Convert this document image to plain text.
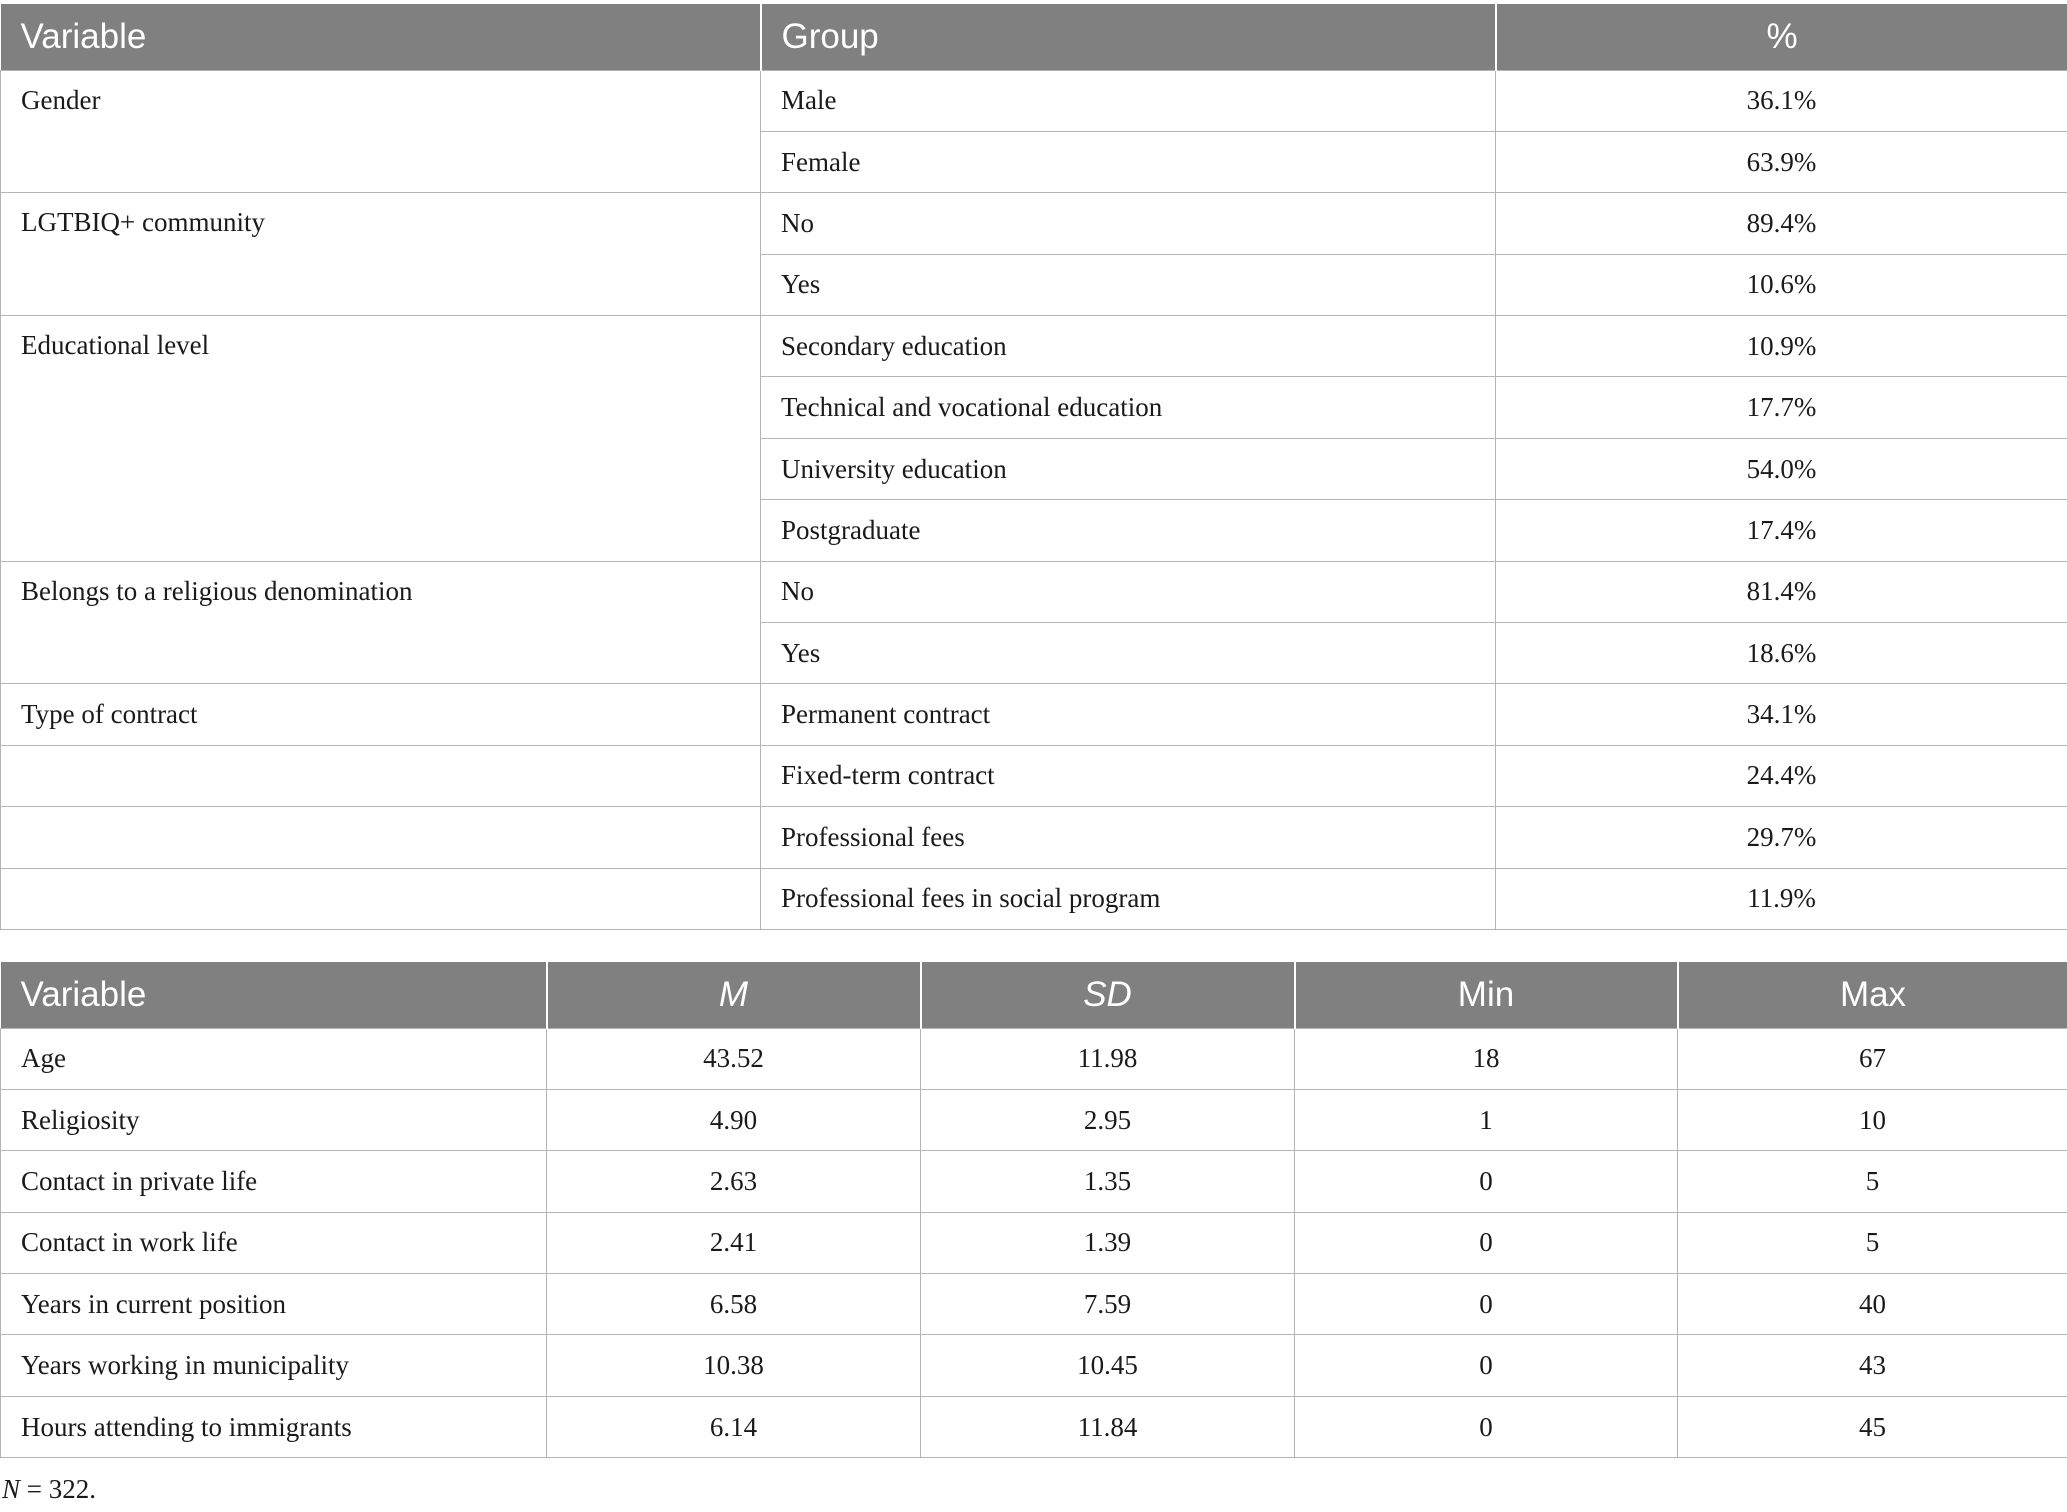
Variable	Group	%
Gender	Male	36.1%
	Female	63.9%
LGTBIQ+ community	No	89.4%
	Yes	10.6%
Educational level	Secondary education	10.9%
	Technical and vocational education	17.7%
	University education	54.0%
	Postgraduate	17.4%
Belongs to a religious denomination	No	81.4%
	Yes	18.6%
Type of contract	Permanent contract	34.1%
	Fixed-term contract	24.4%
	Professional fees	29.7%
	Professional fees in social program	11.9%
Variable	M	SD	Min	Max
Age	43.52	11.98	18	67
Religiosity	4.90	2.95	1	10
Contact in private life	2.63	1.35	0	5
Contact in work life	2.41	1.39	0	5
Years in current position	6.58	7.59	0	40
Years working in municipality	10.38	10.45	0	43
Hours attending to immigrants	6.14	11.84	0	45
N = 322.
